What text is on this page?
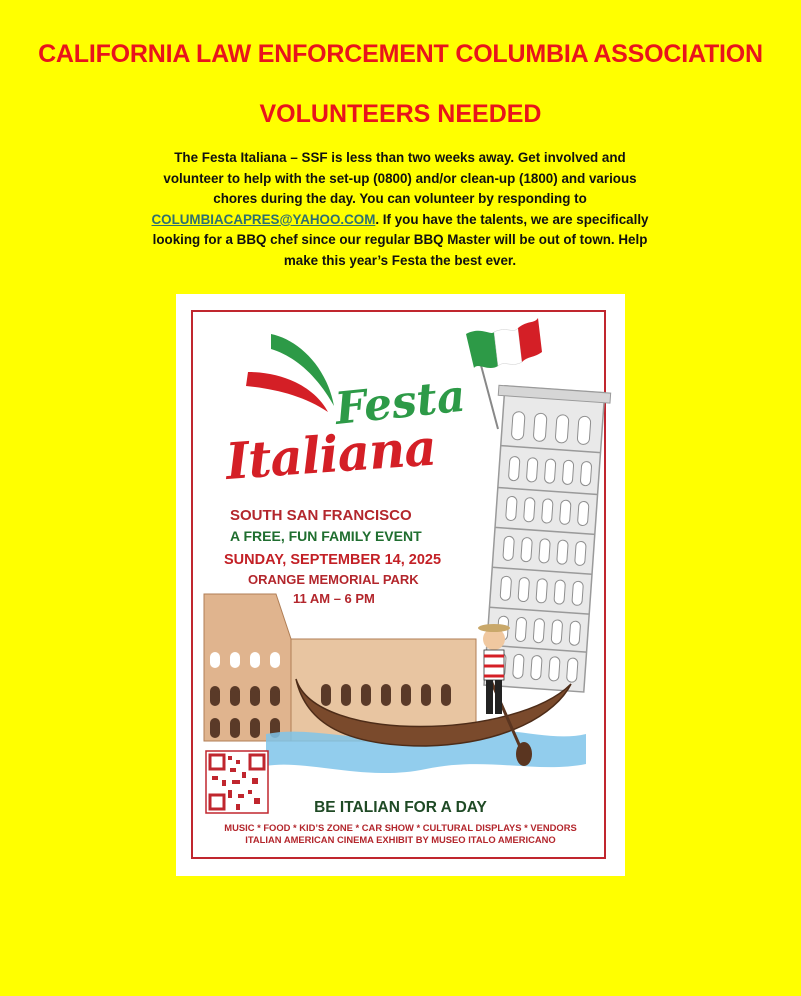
CALIFORNIA LAW ENFORCEMENT COLUMBIA ASSOCIATION
VOLUNTEERS NEEDED
The Festa Italiana – SSF is less than two weeks away. Get involved and volunteer to help with the set-up (0800) and/or clean-up (1800) and various chores during the day. You can volunteer by responding to COLUMBIACAPRES@YAHOO.COM. If you have the talents, we are specifically looking for a BBQ chef since our regular BBQ Master will be out of town. Help make this year’s Festa the best ever.
Festa
Italiana
SOUTH SAN FRANCISCO
A FREE, FUN FAMILY EVENT
SUNDAY, SEPTEMBER 14, 2025
ORANGE MEMORIAL PARK
11 AM – 6 PM
BE ITALIAN FOR A DAY
MUSIC * FOOD * KID’S ZONE * CAR SHOW * CULTURAL DISPLAYS * VENDORS
ITALIAN AMERICAN CINEMA EXHIBIT BY MUSEO ITALO AMERICANO
